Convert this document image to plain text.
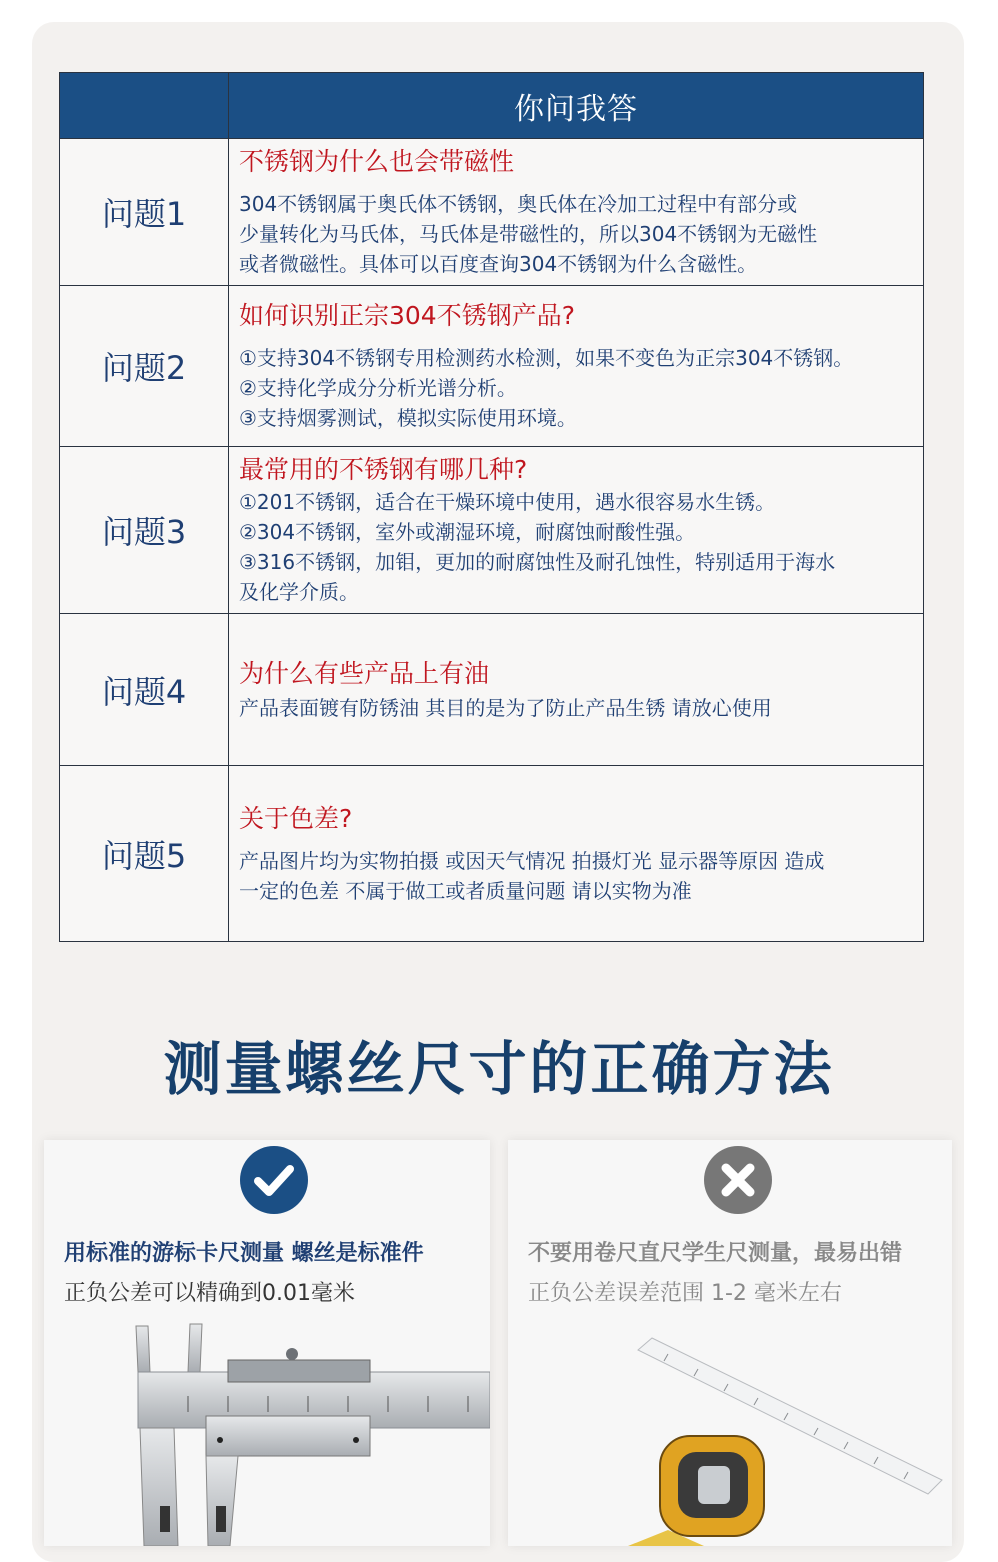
	你问我答
问题1	不锈钢为什么也会带磁性

304不锈钢属于奥氏体不锈钢，奥氏体在冷加工过程中有部分或

少量转化为马氏体，马氏体是带磁性的，所以304不锈钢为无磁性

或者微磁性。具体可以百度查询304不锈钢为什么含磁性。

问题2	如何识别正宗304不锈钢产品?

①支持304不锈钢专用检测药水检测，如果不变色为正宗304不锈钢。

②支持化学成分分析光谱分析。

③支持烟雾测试，模拟实际使用环境。

问题3	最常用的不锈钢有哪几种?

①201不锈钢，适合在干燥环境中使用，遇水很容易水生锈。

②304不锈钢，室外或潮湿环境，耐腐蚀耐酸性强。

③316不锈钢，加钼，更加的耐腐蚀性及耐孔蚀性，特别适用于海水

及化学介质。

问题4	为什么有些产品上有油

产品表面镀有防锈油 其目的是为了防止产品生锈 请放心使用

问题5	关于色差?

产品图片均为实物拍摄 或因天气情况 拍摄灯光 显示器等原因 造成

一定的色差 不属于做工或者质量问题 请以实物为准

测量螺丝尺寸的正确方法
用标准的游标卡尺测量 螺丝是标准件
正负公差可以精确到0.01毫米
不要用卷尺直尺学生尺测量，最易出错
正负公差误差范围 1-2 毫米左右
